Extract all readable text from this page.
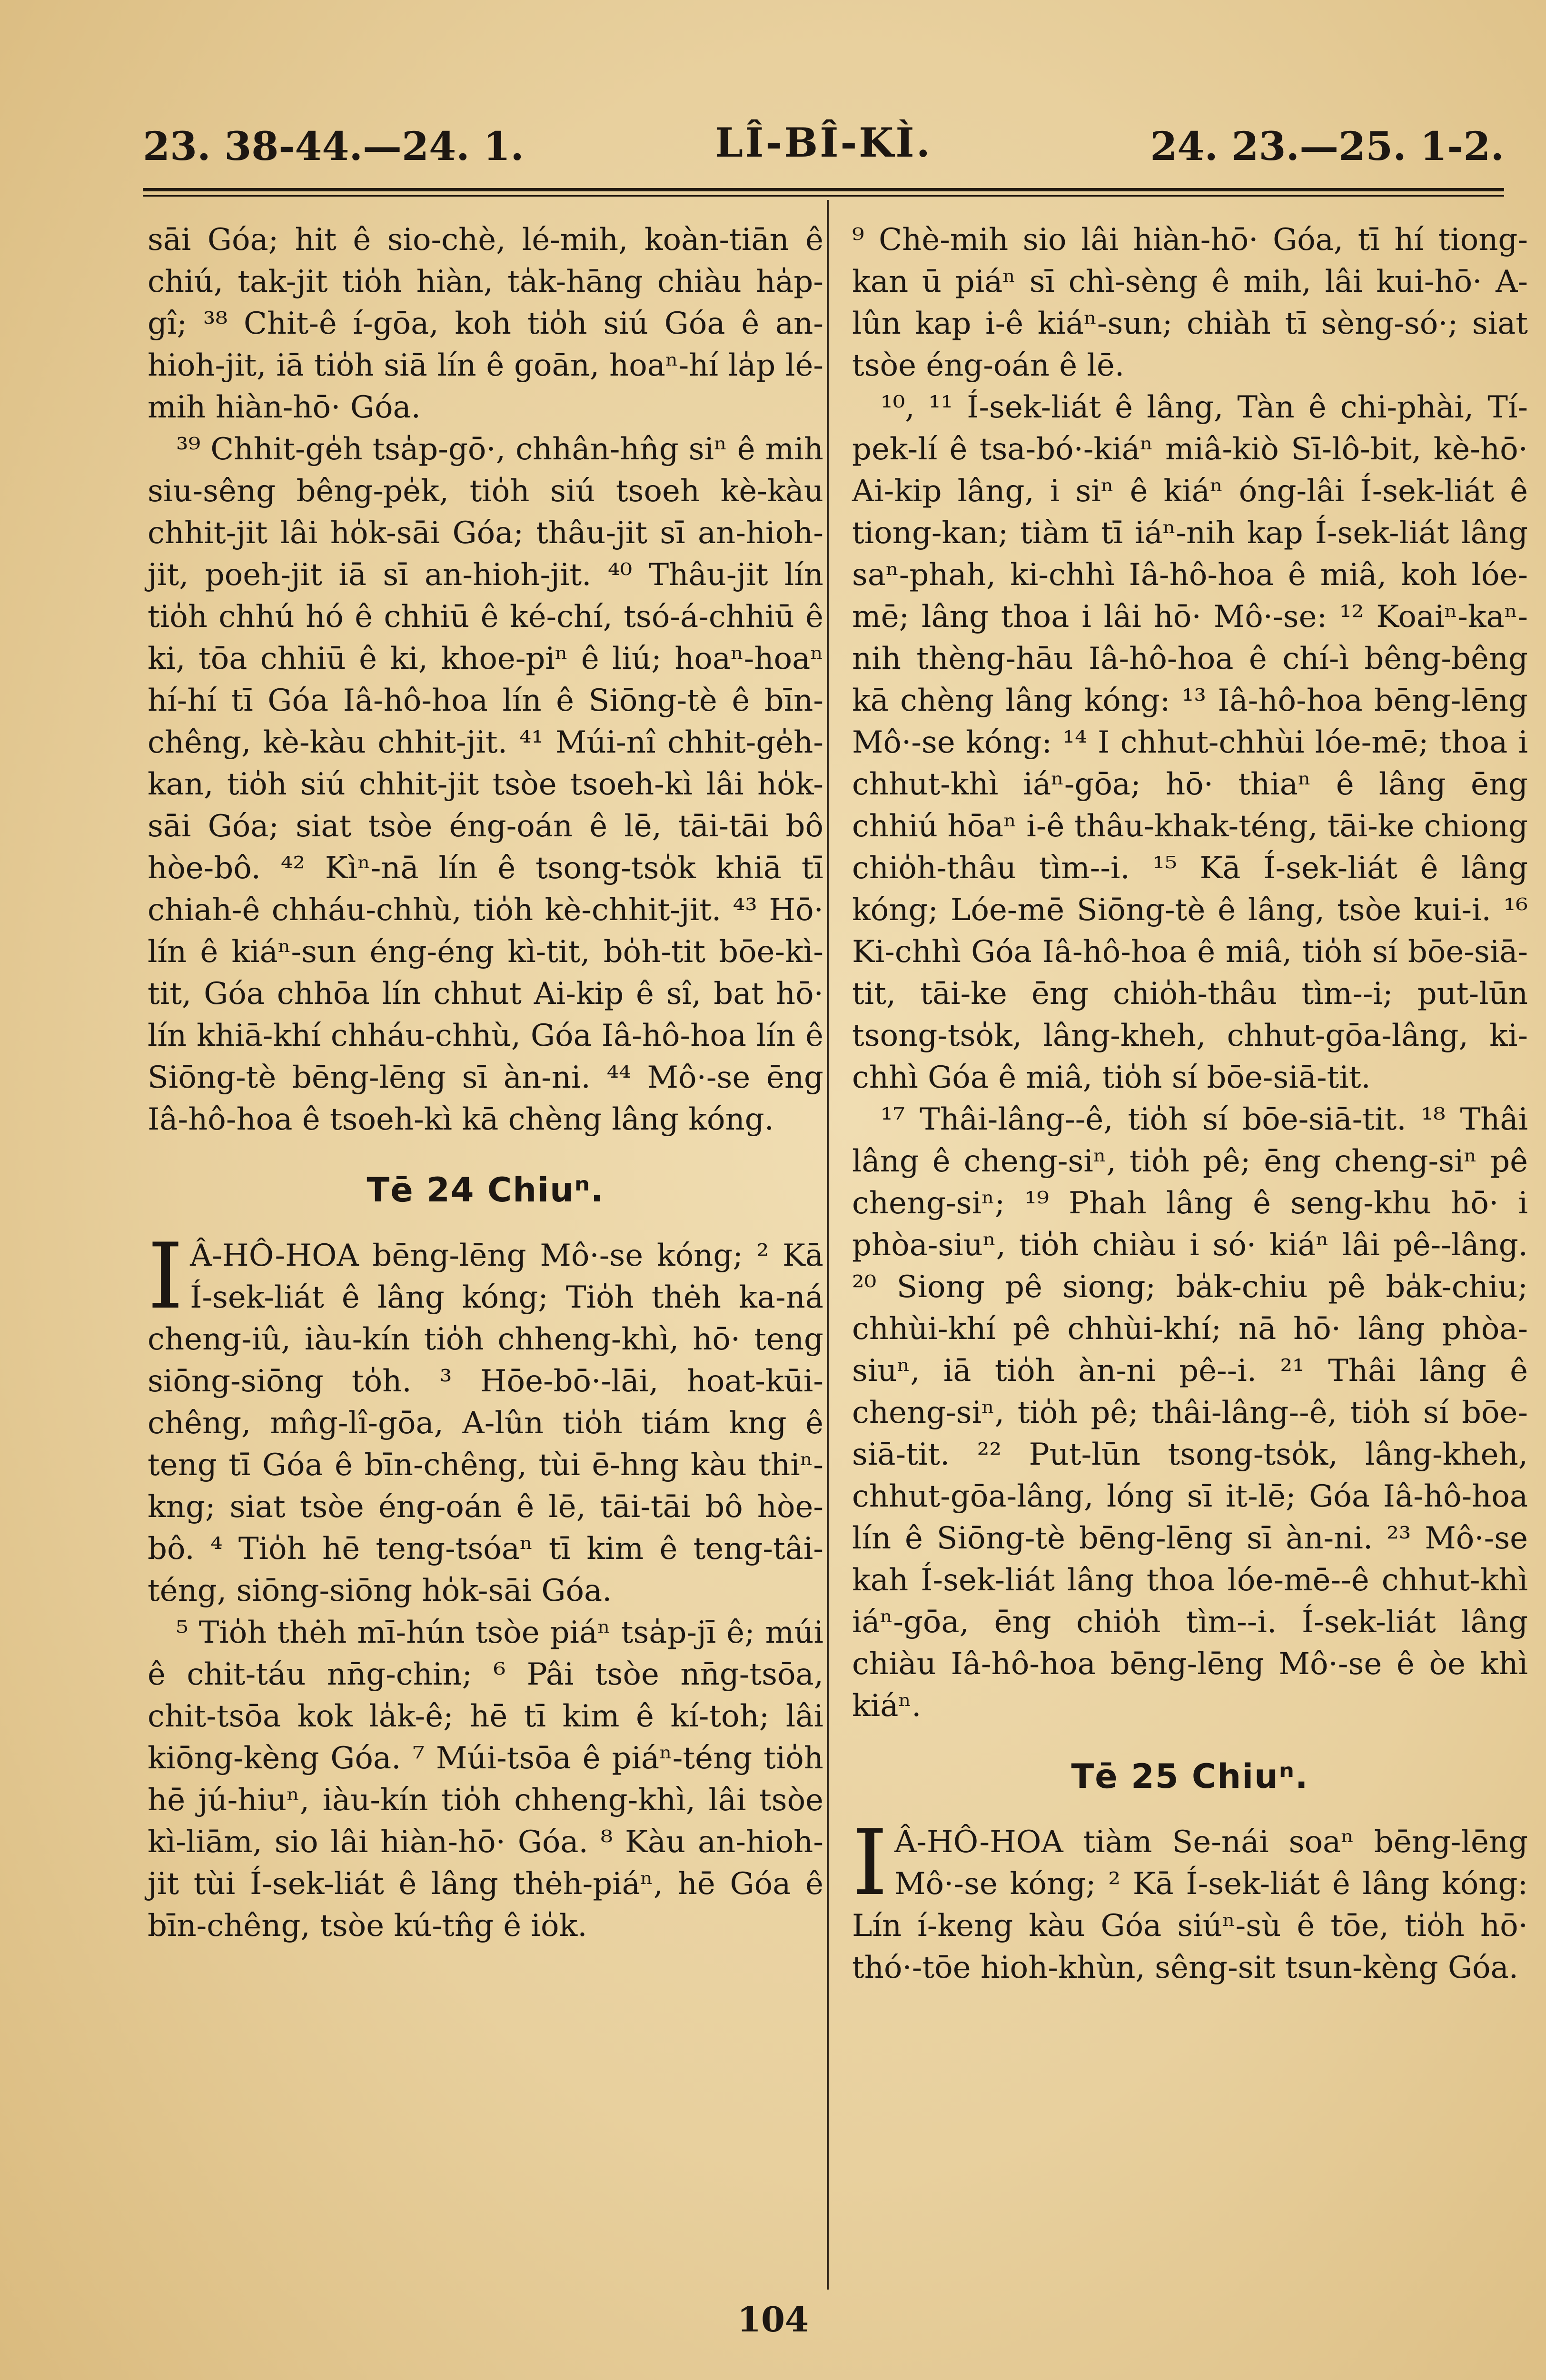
23. 38-44.—24. 1.	LÎ-BÎ-KÌ.	24. 23.—25. 1-2.

sāi Góa; hit ê sio-chè, lé-mih, koàn-tiān ê chiú, tak-jit tio̍h hiàn, ta̍k-hāng chiàu ha̍p-gî; ³⁸ Chit-ê í-gōa, koh tio̍h siú Góa ê an-hioh-jit, iā tio̍h siā lín ê goān, hoaⁿ-hí la̍p lé-mih hiàn-hō· Góa.

³⁹ Chhit-ge̍h tsa̍p-gō·, chhân-hn̂g siⁿ ê mih siu-sêng bêng-pe̍k, tio̍h siú tsoeh kè-kàu chhit-jit lâi ho̍k-sāi Góa; thâu-jit sī an-hioh-jit, poeh-jit iā sī an-hioh-jit. ⁴⁰ Thâu-jit lín tio̍h chhú hó ê chhiū ê ké-chí, tsó-á-chhiū ê ki, tōa chhiū ê ki, khoe-piⁿ ê liú; hoaⁿ-hoaⁿ hí-hí tī Góa Iâ-hô-hoa lín ê Siōng-tè ê bīn-chêng, kè-kàu chhit-jit. ⁴¹ Múi-nî chhit-ge̍h-kan, tio̍h siú chhit-jit tsòe tsoeh-kì lâi ho̍k-sāi Góa; siat tsòe éng-oán ê lē, tāi-tāi bô hòe-bô. ⁴² Kìⁿ-nā lín ê tsong-tso̍k khiā tī chiah-ê chháu-chhù, tio̍h kè-chhit-jit. ⁴³ Hō· lín ê kiáⁿ-sun éng-éng kì-tit, bo̍h-tit bōe-kì-tit, Góa chhōa lín chhut Ai-kip ê sî, bat hō· lín khiā-khí chháu-chhù, Góa Iâ-hô-hoa lín ê Siōng-tè bēng-lēng sī àn-ni. ⁴⁴ Mô·-se ēng Iâ-hô-hoa ê tsoeh-kì kā chèng lâng kóng.

Tē 24 Chiuⁿ.

I Â-HÔ-HOA bēng-lēng Mô·-se kóng; ² Kā Í-sek-liát ê lâng kóng; Tio̍h thėh ka-ná cheng-iû, iàu-kín tio̍h chheng-khì, hō· teng siōng-siōng to̍h. ³ Hōe-bō·-lāi, hoat-kūi-chêng, mn̂g-lî-gōa, A-lûn tio̍h tiám kng ê teng tī Góa ê bīn-chêng, tùi ē-hng kàu thiⁿ-kng; siat tsòe éng-oán ê lē, tāi-tāi bô hòe-bô. ⁴ Tio̍h hē teng-tsóaⁿ tī kim ê teng-tâi-téng, siōng-siōng ho̍k-sāi Góa.

⁵ Tio̍h thėh mī-hún tsòe piáⁿ tsa̍p-jī ê; múi ê chit-táu nn̄g-chin; ⁶ Pâi tsòe nn̄g-tsōa, chit-tsōa kok la̍k-ê; hē tī kim ê kí-toh; lâi kiōng-kèng Góa. ⁷ Múi-tsōa ê piáⁿ-téng tio̍h hē jú-hiuⁿ, iàu-kín tio̍h chheng-khì, lâi tsòe kì-liām, sio lâi hiàn-hō· Góa. ⁸ Kàu an-hioh-jit tùi Í-sek-liát ê lâng thėh-piáⁿ, hē Góa ê bīn-chêng, tsòe kú-tn̂g ê io̍k.

⁹ Chè-mih sio lâi hiàn-hō· Góa, tī hí tiong-kan ū piáⁿ sī chì-sèng ê mih, lâi kui-hō· A-lûn kap i-ê kiáⁿ-sun; chiàh tī sèng-só·; siat tsòe éng-oán ê lē.

¹⁰, ¹¹ Í-sek-liát ê lâng, Tàn ê chi-phài, Tí-pek-lí ê tsa-bó·-kiáⁿ miâ-kiò Sī-lô-bit, kè-hō· Ai-kip lâng, i siⁿ ê kiáⁿ óng-lâi Í-sek-liát ê tiong-kan; tiàm tī iáⁿ-nih kap Í-sek-liát lâng saⁿ-phah, ki-chhì Iâ-hô-hoa ê miâ, koh lóe-mē; lâng thoa i lâi hō· Mô·-se: ¹² Koaiⁿ-kaⁿ-nih thèng-hāu Iâ-hô-hoa ê chí-ì bêng-bêng kā chèng lâng kóng: ¹³ Iâ-hô-hoa bēng-lēng Mô·-se kóng: ¹⁴ I chhut-chhùi lóe-mē; thoa i chhut-khì iáⁿ-gōa; hō· thiaⁿ ê lâng ēng chhiú hōaⁿ i-ê thâu-khak-téng, tāi-ke chiong chio̍h-thâu tìm--i. ¹⁵ Kā Í-sek-liát ê lâng kóng; Lóe-mē Siōng-tè ê lâng, tsòe kui-i. ¹⁶ Ki-chhì Góa Iâ-hô-hoa ê miâ, tio̍h sí bōe-siā-tit, tāi-ke ēng chio̍h-thâu tìm--i; put-lūn tsong-tso̍k, lâng-kheh, chhut-gōa-lâng, ki-chhì Góa ê miâ, tio̍h sí bōe-siā-tit.

¹⁷ Thâi-lâng--ê, tio̍h sí bōe-siā-tit. ¹⁸ Thâi lâng ê cheng-siⁿ, tio̍h pê; ēng cheng-siⁿ pê cheng-siⁿ; ¹⁹ Phah lâng ê seng-khu hō· i phòa-siuⁿ, tio̍h chiàu i só· kiáⁿ lâi pê--lâng. ²⁰ Siong pê siong; ba̍k-chiu pê ba̍k-chiu; chhùi-khí pê chhùi-khí; nā hō· lâng phòa-siuⁿ, iā tio̍h àn-ni pê--i. ²¹ Thâi lâng ê cheng-siⁿ, tio̍h pê; thâi-lâng--ê, tio̍h sí bōe-siā-tit. ²² Put-lūn tsong-tso̍k, lâng-kheh, chhut-gōa-lâng, lóng sī it-lē; Góa Iâ-hô-hoa lín ê Siōng-tè bēng-lēng sī àn-ni. ²³ Mô·-se kah Í-sek-liát lâng thoa lóe-mē--ê chhut-khì iáⁿ-gōa, ēng chio̍h tìm--i. Í-sek-liát lâng chiàu Iâ-hô-hoa bēng-lēng Mô·-se ê òe khì kiáⁿ.

Tē 25 Chiuⁿ.

I Â-HÔ-HOA tiàm Se-nái soaⁿ bēng-lēng Mô·-se kóng; ² Kā Í-sek-liát ê lâng kóng: Lín í-keng kàu Góa siúⁿ-sù ê tōe, tio̍h hō· thó·-tōe hioh-khùn, sêng-sit tsun-kèng Góa.

104
